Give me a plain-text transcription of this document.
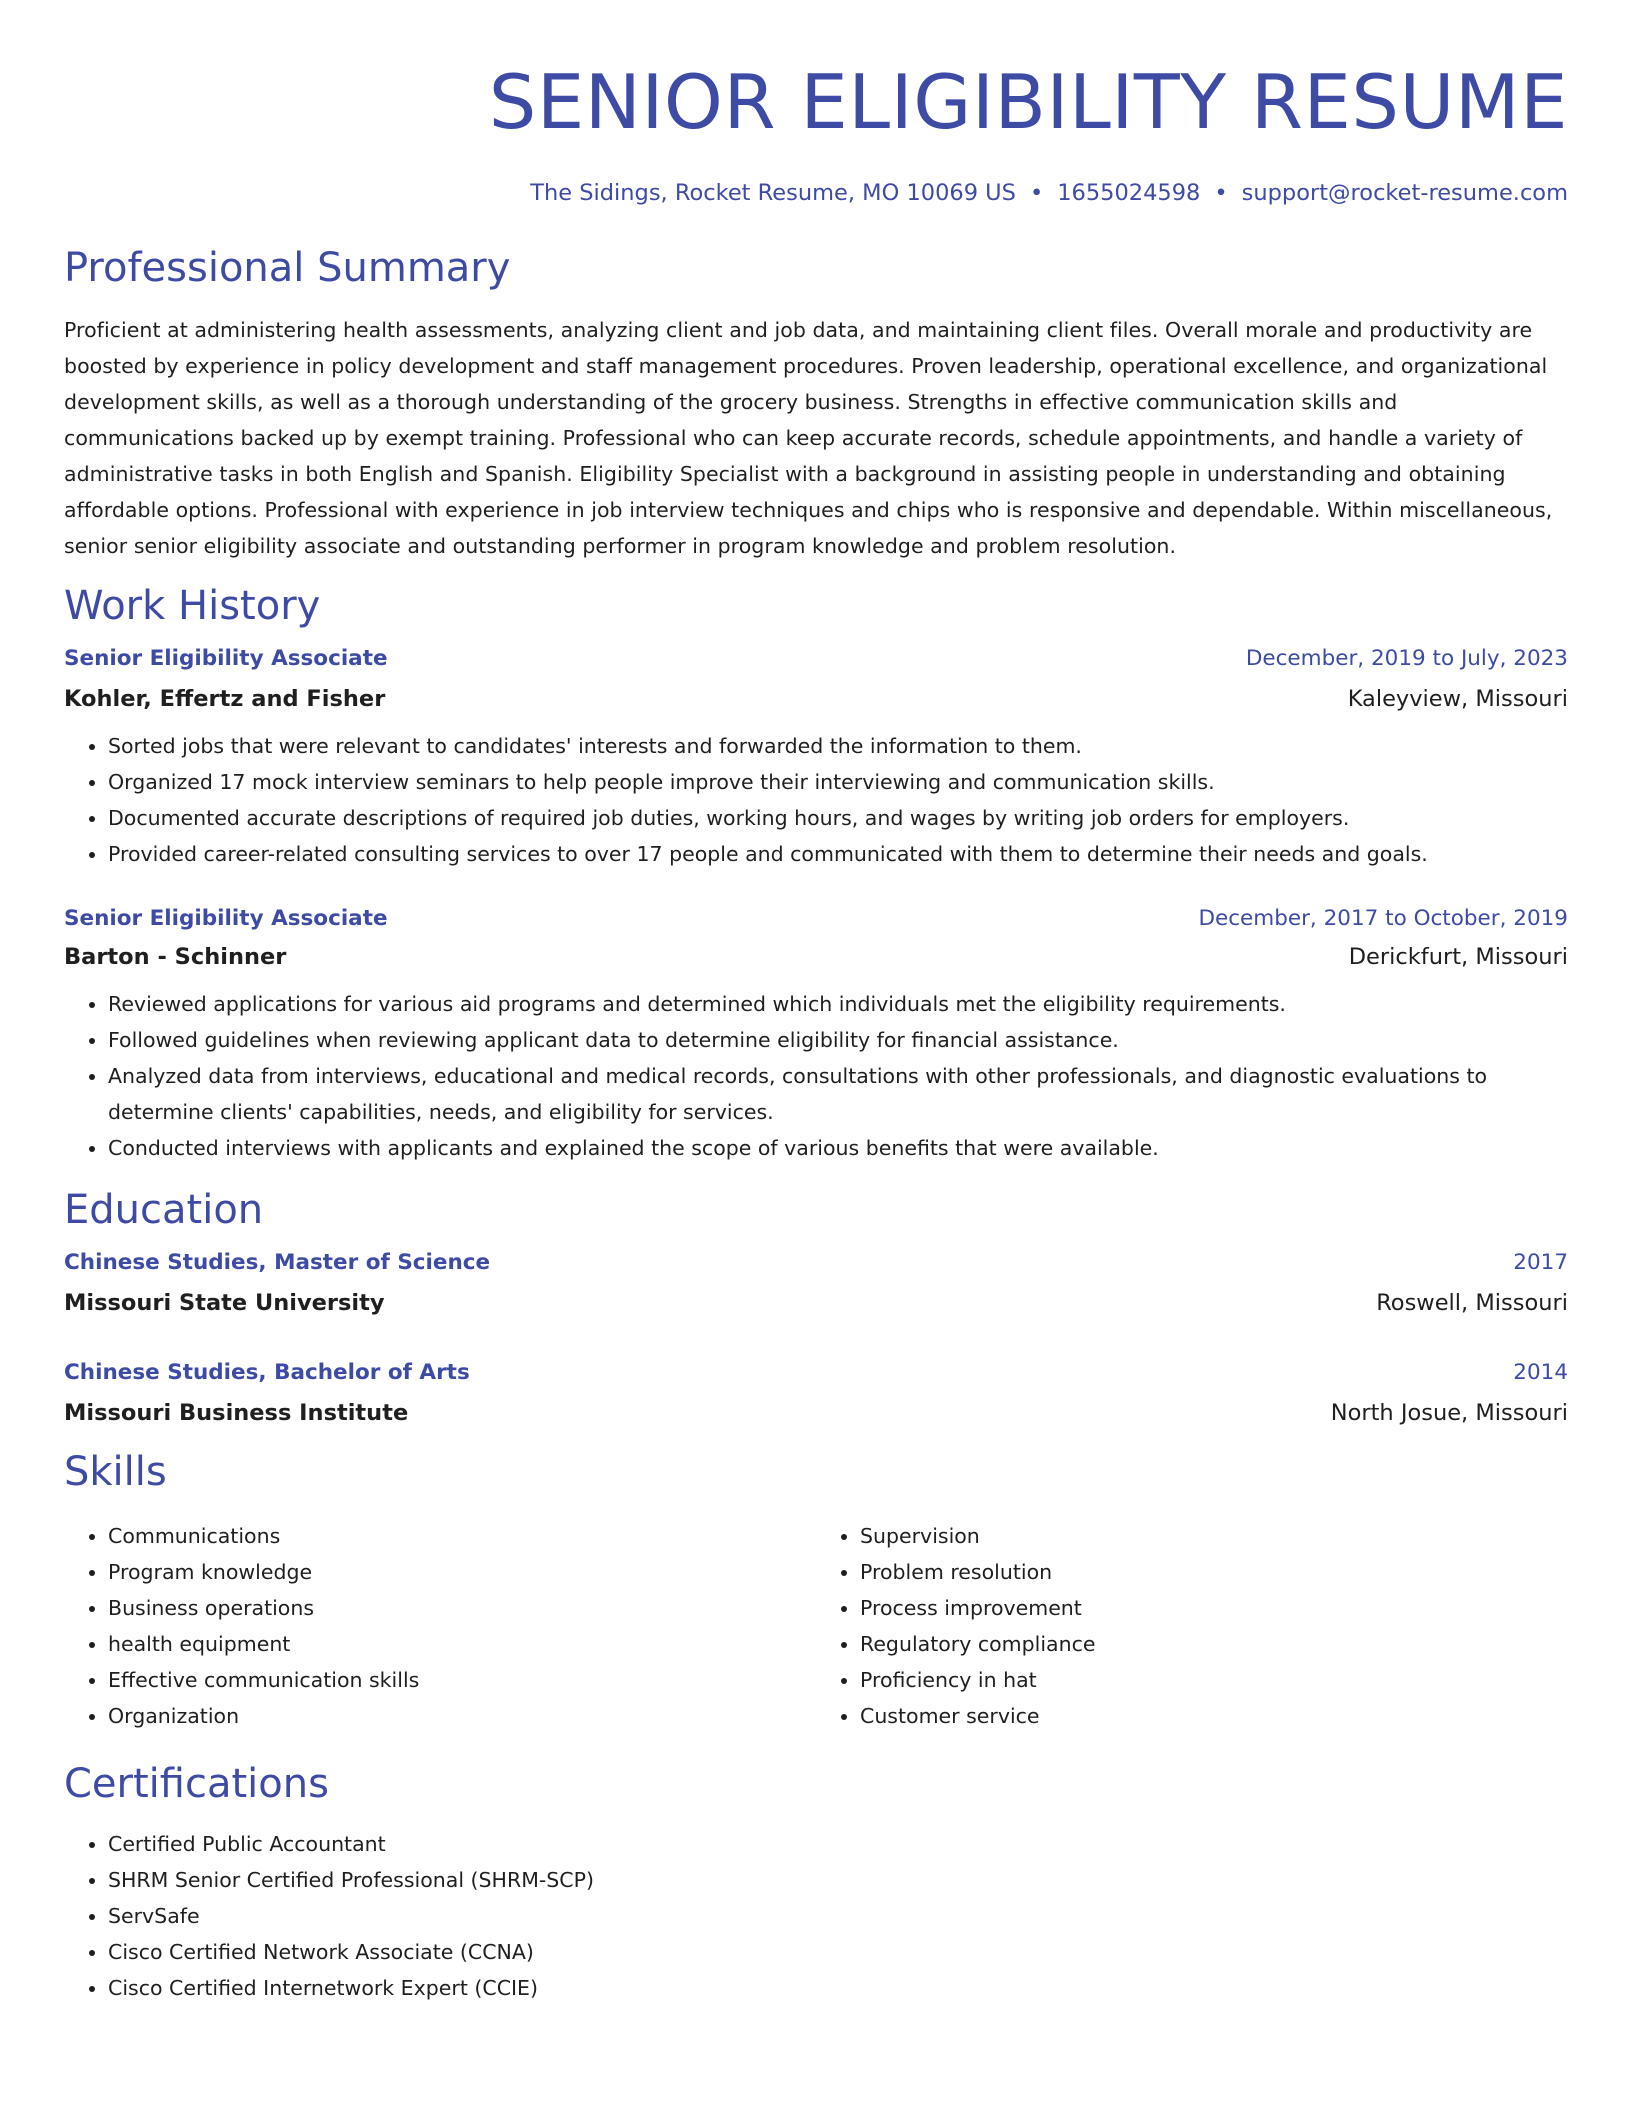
SENIOR ELIGIBILITY RESUME
The Sidings, Rocket Resume, MO 10069 US • 1655024598 • support@rocket-resume.com
Professional Summary

Proficient at administering health assessments, analyzing client and job data, and maintaining client files. Overall morale and productivity are boosted by experience in policy development and staff management procedures. Proven leadership, operational excellence, and organizational development skills, as well as a thorough understanding of the grocery business. Strengths in effective communication skills and communications backed up by exempt training. Professional who can keep accurate records, schedule appointments, and handle a variety of administrative tasks in both English and Spanish. Eligibility Specialist with a background in assisting people in understanding and obtaining affordable options. Professional with experience in job interview techniques and chips who is responsive and dependable. Within miscellaneous, senior senior eligibility associate and outstanding performer in program knowledge and problem resolution.

Work History
Senior Eligibility Associate	December, 2019 to July, 2023
Kohler, Effertz and Fisher	Kaleyview, Missouri
• Sorted jobs that were relevant to candidates' interests and forwarded the information to them.
• Organized 17 mock interview seminars to help people improve their interviewing and communication skills.
• Documented accurate descriptions of required job duties, working hours, and wages by writing job orders for employers.
• Provided career-related consulting services to over 17 people and communicated with them to determine their needs and goals.
Senior Eligibility Associate	December, 2017 to October, 2019
Barton - Schinner	Derickfurt, Missouri
• Reviewed applications for various aid programs and determined which individuals met the eligibility requirements.
• Followed guidelines when reviewing applicant data to determine eligibility for financial assistance.
• Analyzed data from interviews, educational and medical records, consultations with other professionals, and diagnostic evaluations to determine clients' capabilities, needs, and eligibility for services.
• Conducted interviews with applicants and explained the scope of various benefits that were available.
Education
Chinese Studies, Master of Science	2017
Missouri State University	Roswell, Missouri
Chinese Studies, Bachelor of Arts	2014
Missouri Business Institute	North Josue, Missouri
Skills
• Communications
• Program knowledge
• Business operations
• health equipment
• Effective communication skills
• Organization
• Supervision
• Problem resolution
• Process improvement
• Regulatory compliance
• Proficiency in hat
• Customer service
Certifications
• Certified Public Accountant
• SHRM Senior Certified Professional (SHRM-SCP)
• ServSafe
• Cisco Certified Network Associate (CCNA)
• Cisco Certified Internetwork Expert (CCIE)
